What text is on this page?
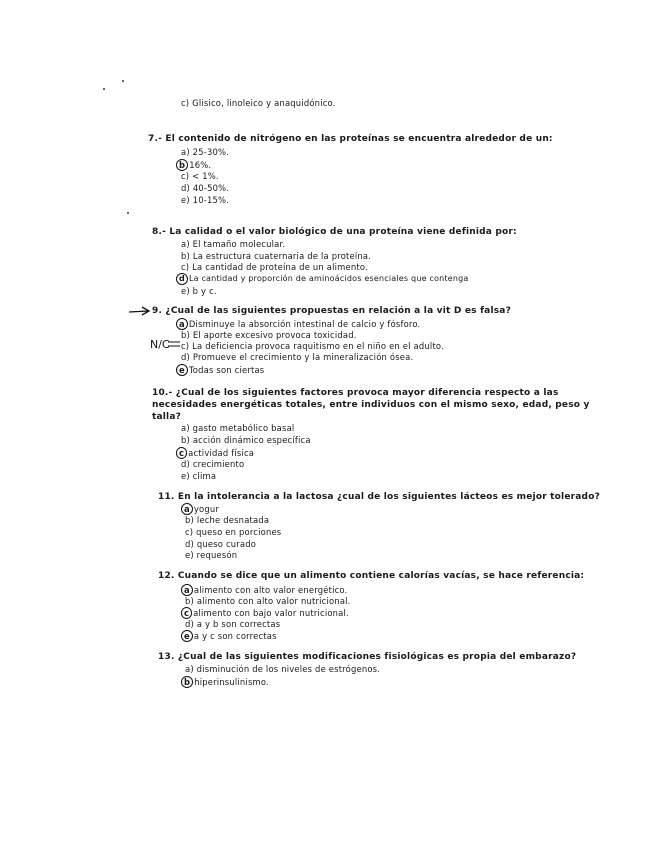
c) Glisico, linoleico y anaquidónico.
7.- El contenido de nitrógeno en las proteínas se encuentra alrededor de un:
a) 25-30%.
b 16%.
c) < 1%.
d) 40-50%.
e) 10-15%.
8.- La calidad o el valor biológico de una proteína viene definida por:
a) El tamaño molecular.
b) La estructura cuaternaria de la proteína.
c) La cantidad de proteína de un alimento.
d La cantidad y proporción de aminoácidos esenciales que contenga
e) b y c.
9. ¿Cual de las siguientes propuestas en relación a la vit D es falsa?
a Disminuye la absorción intestinal de calcio y fósforo.
b) El aporte excesivo provoca toxicidad.
N/C c) La deficiencia provoca raquitismo en el niño en el adulto.
d) Promueve el crecimiento y la mineralización ósea.
e Todas son ciertas
10.- ¿Cual de los siguientes factores provoca mayor diferencia respecto a las
necesidades energéticas totales, entre individuos con el mismo sexo, edad, peso y
talla?
a) gasto metabólico basal
b) acción dinámico específica
c actividad física
d) crecimiento
e) clima
11. En la intolerancia a la lactosa ¿cual de los siguientes lácteos es mejor tolerado?
a yogur
b) leche desnatada
c) queso en porciones
d) queso curado
e) requesón
12. Cuando se dice que un alimento contiene calorías vacías, se hace referencia:
a alimento con alto valor energético.
b) alimento con alto valor nutricional.
c alimento con bajo valor nutricional.
d) a y b son correctas
e a y c son correctas
13. ¿Cual de las siguientes modificaciones fisiológicas es propia del embarazo?
a) disminución de los niveles de estrógenos.
b hiperinsulinismo.
